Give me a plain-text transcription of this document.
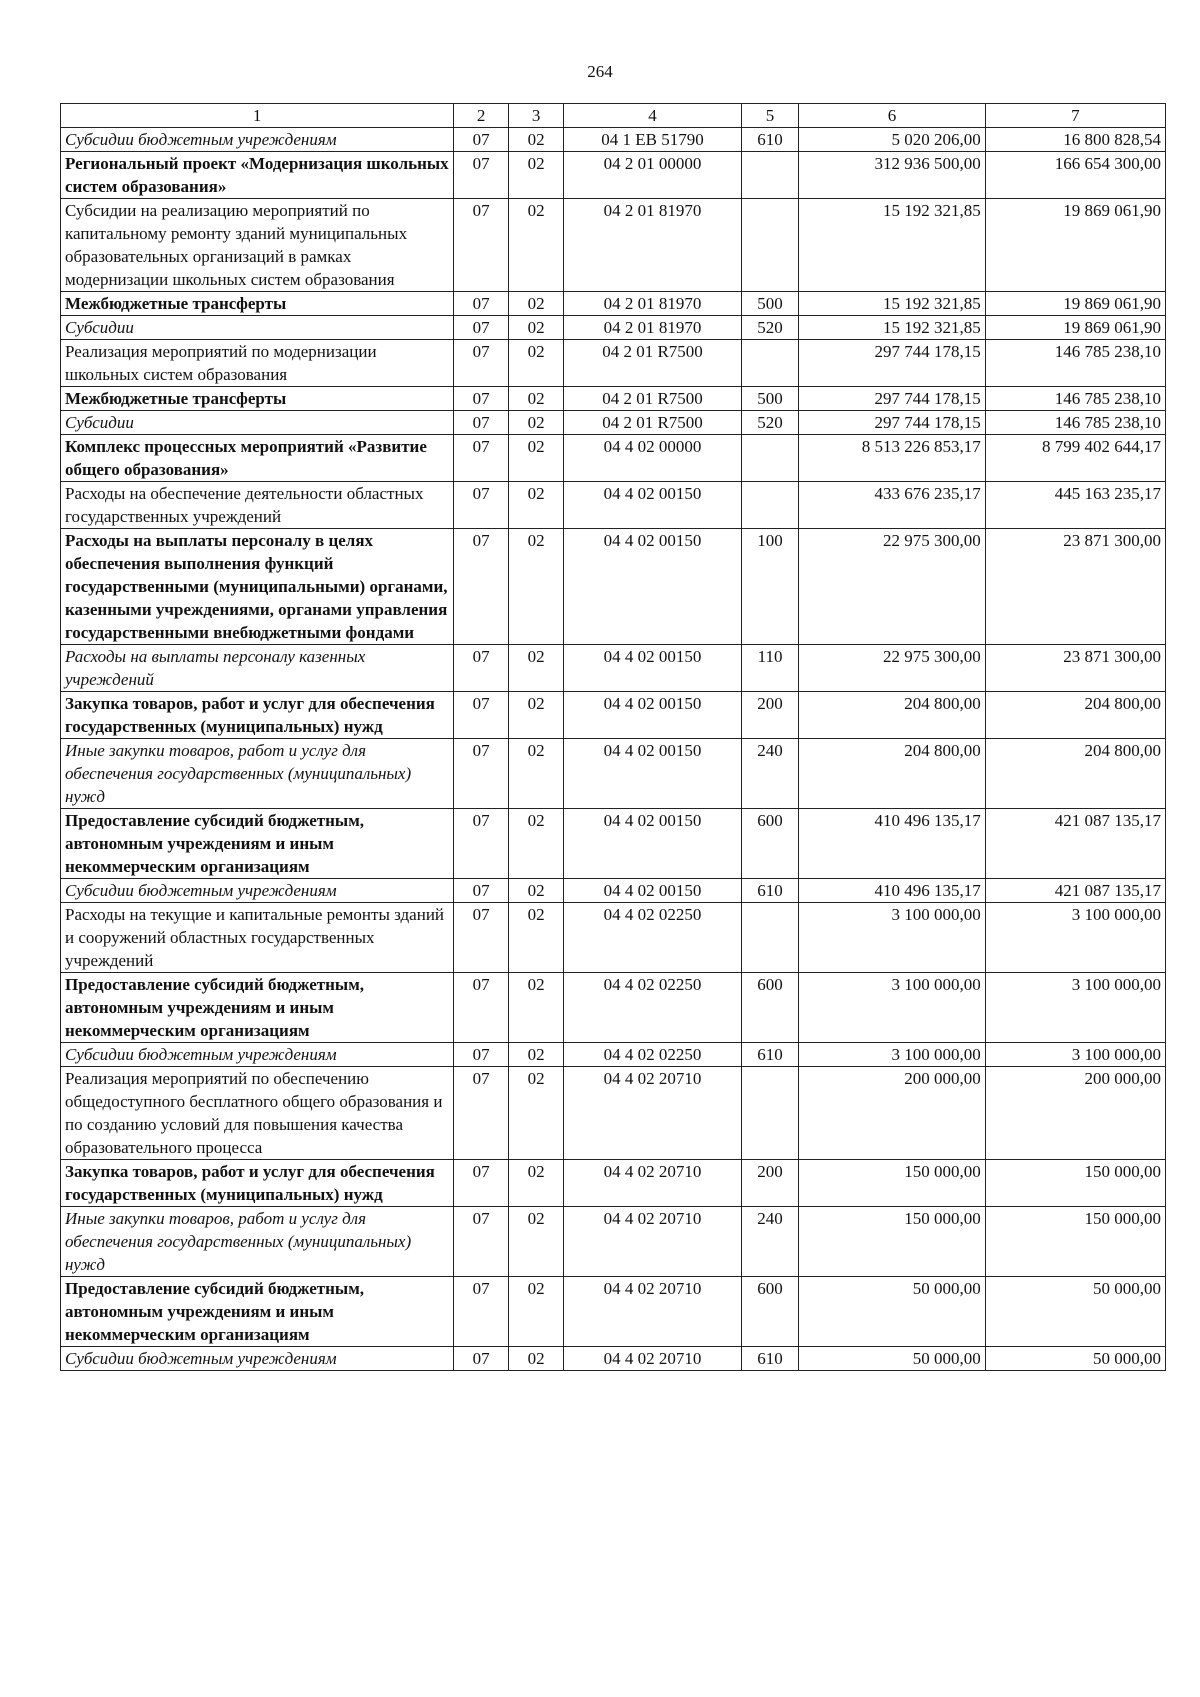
264
1	2	3	4	5	6	7
Субсидии бюджетным учреждениям	07	02	04 1 EB 51790	610	5 020 206,00	16 800 828,54
Региональный проект «Модернизация школьных систем образования»	07	02	04 2 01 00000		312 936 500,00	166 654 300,00
Субсидии на реализацию мероприятий по капитальному ремонту зданий муниципальных образовательных организаций в рамках модернизации школьных систем образования	07	02	04 2 01 81970		15 192 321,85	19 869 061,90
Межбюджетные трансферты	07	02	04 2 01 81970	500	15 192 321,85	19 869 061,90
Субсидии	07	02	04 2 01 81970	520	15 192 321,85	19 869 061,90
Реализация мероприятий по модернизации школьных систем образования	07	02	04 2 01 R7500		297 744 178,15	146 785 238,10
Межбюджетные трансферты	07	02	04 2 01 R7500	500	297 744 178,15	146 785 238,10
Субсидии	07	02	04 2 01 R7500	520	297 744 178,15	146 785 238,10
Комплекс процессных мероприятий «Развитие общего образования»	07	02	04 4 02 00000		8 513 226 853,17	8 799 402 644,17
Расходы на обеспечение деятельности областных государственных учреждений	07	02	04 4 02 00150		433 676 235,17	445 163 235,17
Расходы на выплаты персоналу в целях обеспечения выполнения функций государственными (муниципальными) органами, казенными учреждениями, органами управления государственными внебюджетными фондами	07	02	04 4 02 00150	100	22 975 300,00	23 871 300,00
Расходы на выплаты персоналу казенных учреждений	07	02	04 4 02 00150	110	22 975 300,00	23 871 300,00
Закупка товаров, работ и услуг для обеспечения государственных (муниципальных) нужд	07	02	04 4 02 00150	200	204 800,00	204 800,00
Иные закупки товаров, работ и услуг для обеспечения государственных (муниципальных) нужд	07	02	04 4 02 00150	240	204 800,00	204 800,00
Предоставление субсидий бюджетным, автономным учреждениям и иным некоммерческим организациям	07	02	04 4 02 00150	600	410 496 135,17	421 087 135,17
Субсидии бюджетным учреждениям	07	02	04 4 02 00150	610	410 496 135,17	421 087 135,17
Расходы на текущие и капитальные ремонты зданий и сооружений областных государственных учреждений	07	02	04 4 02 02250		3 100 000,00	3 100 000,00
Предоставление субсидий бюджетным, автономным учреждениям и иным некоммерческим организациям	07	02	04 4 02 02250	600	3 100 000,00	3 100 000,00
Субсидии бюджетным учреждениям	07	02	04 4 02 02250	610	3 100 000,00	3 100 000,00
Реализация мероприятий по обеспечению общедоступного бесплатного общего образования и по созданию условий для повышения качества образовательного процесса	07	02	04 4 02 20710		200 000,00	200 000,00
Закупка товаров, работ и услуг для обеспечения государственных (муниципальных) нужд	07	02	04 4 02 20710	200	150 000,00	150 000,00
Иные закупки товаров, работ и услуг для обеспечения государственных (муниципальных) нужд	07	02	04 4 02 20710	240	150 000,00	150 000,00
Предоставление субсидий бюджетным, автономным учреждениям и иным некоммерческим организациям	07	02	04 4 02 20710	600	50 000,00	50 000,00
Субсидии бюджетным учреждениям	07	02	04 4 02 20710	610	50 000,00	50 000,00
